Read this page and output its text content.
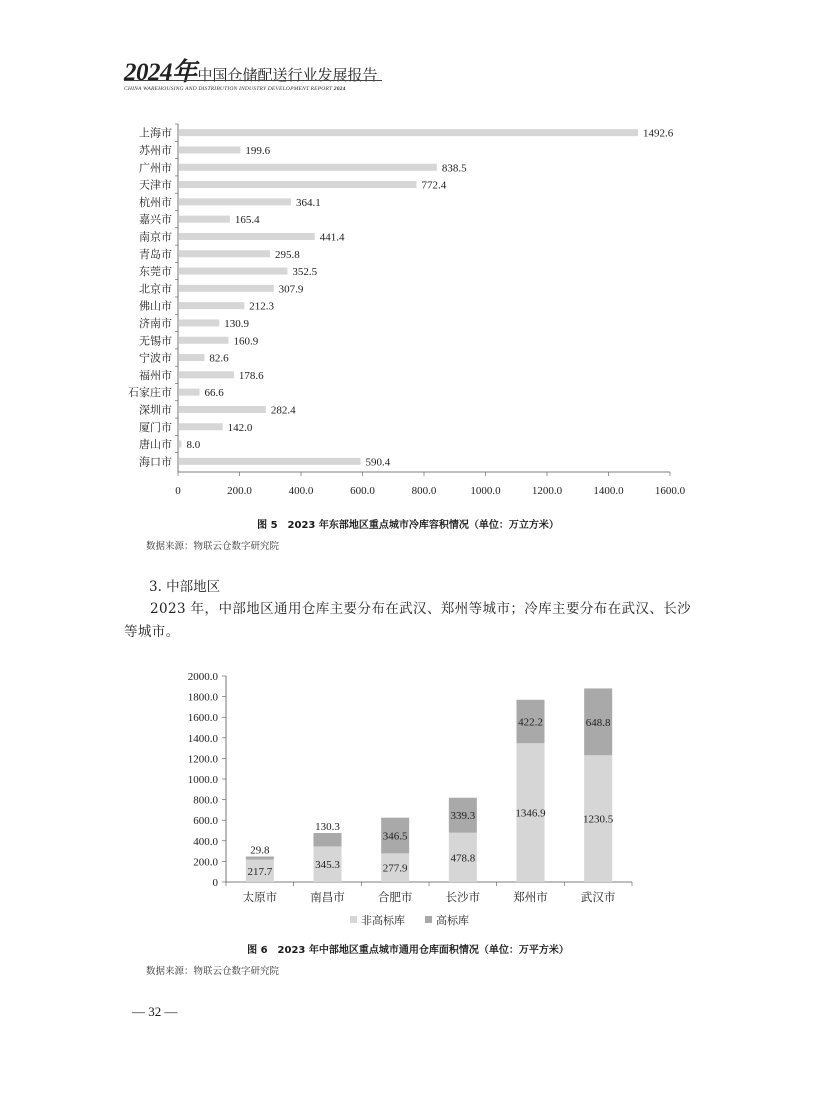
2024年 中国仓储配送行业发展报告
CHINA WAREHOUSING AND DISTRIBUTION INDUSTRY DEVELOPMENT REPORT 2024
上海市	1492.6
苏州市	199.6
广州市	838.5
天津市	772.4
杭州市	364.1
嘉兴市	165.4
南京市	441.4
青岛市	295.8
东莞市	352.5
北京市	307.9
佛山市	212.3
济南市	130.9
无锡市	160.9
宁波市	82.6
福州市	178.6
石家庄市	66.6
深圳市	282.4
厦门市	142.0
唐山市 8.0
海口市	590.4
0	200.0	400.0	600.0	800.0	1000.0	1200.0	1400.0	1600.0
图 5　2023 年东部地区重点城市冷库容积情况（单位：万立方米）
数据来源：物联云仓数字研究院
3. 中部地区
2023 年，中部地区通用仓库主要分布在武汉、郑州等城市；冷库主要分布在武汉、长沙等城市。
0
200.0
400.0
600.0
800.0
1000.0
1200.0
1400.0
1600.0
1800.0
2000.0
217.7
29.8
太原市
345.3
130.3
南昌市
277.9
346.5
合肥市
478.8
339.3
长沙市
1346.9
422.2
郑州市
1230.5
648.8
武汉市
非高标库	高标库
图 6　2023 年中部地区重点城市通用仓库面积情况（单位：万平方米）
数据来源：物联云仓数字研究院
— 32 —
